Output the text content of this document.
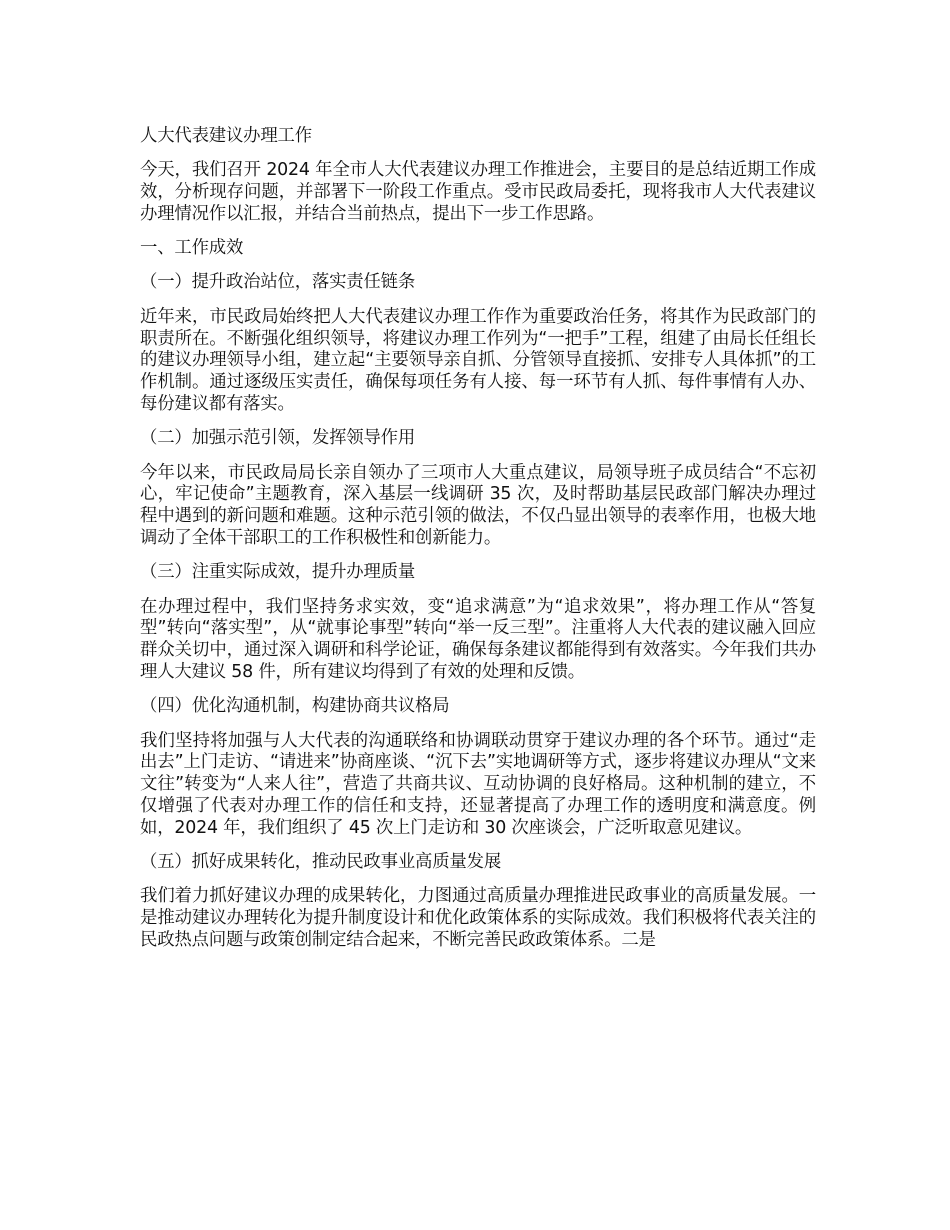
人大代表建议办理工作

今天，我们召开 2024 年全市人大代表建议办理工作推进会，主要目的是总结近期工作成效，分析现存问题，并部署下一阶段工作重点。受市民政局委托，现将我市人大代表建议办理情况作以汇报，并结合当前热点，提出下一步工作思路。

一、工作成效

（一）提升政治站位，落实责任链条

近年来，市民政局始终把人大代表建议办理工作作为重要政治任务，将其作为民政部门的职责所在。不断强化组织领导，将建议办理工作列为“一把手”工程，组建了由局长任组长的建议办理领导小组，建立起“主要领导亲自抓、分管领导直接抓、安排专人具体抓”的工作机制。通过逐级压实责任，确保每项任务有人接、每一环节有人抓、每件事情有人办、每份建议都有落实。

（二）加强示范引领，发挥领导作用

今年以来，市民政局局长亲自领办了三项市人大重点建议，局领导班子成员结合“不忘初心，牢记使命”主题教育，深入基层一线调研 35 次，及时帮助基层民政部门解决办理过程中遇到的新问题和难题。这种示范引领的做法，不仅凸显出领导的表率作用，也极大地调动了全体干部职工的工作积极性和创新能力。

（三）注重实际成效，提升办理质量

在办理过程中，我们坚持务求实效，变“追求满意”为“追求效果”，将办理工作从“答复型”转向“落实型”，从“就事论事型”转向“举一反三型”。注重将人大代表的建议融入回应群众关切中，通过深入调研和科学论证，确保每条建议都能得到有效落实。今年我们共办理人大建议 58 件，所有建议均得到了有效的处理和反馈。

（四）优化沟通机制，构建协商共议格局

我们坚持将加强与人大代表的沟通联络和协调联动贯穿于建议办理的各个环节。通过“走出去”上门走访、“请进来”协商座谈、“沉下去”实地调研等方式，逐步将建议办理从“文来文往”转变为“人来人往”，营造了共商共议、互动协调的良好格局。这种机制的建立，不仅增强了代表对办理工作的信任和支持，还显著提高了办理工作的透明度和满意度。例如，2024 年，我们组织了 45 次上门走访和 30 次座谈会，广泛听取意见建议。

（五）抓好成果转化，推动民政事业高质量发展

我们着力抓好建议办理的成果转化，力图通过高质量办理推进民政事业的高质量发展。一是推动建议办理转化为提升制度设计和优化政策体系的实际成效。我们积极将代表关注的民政热点问题与政策创制定结合起来，不断完善民政政策体系。二是
